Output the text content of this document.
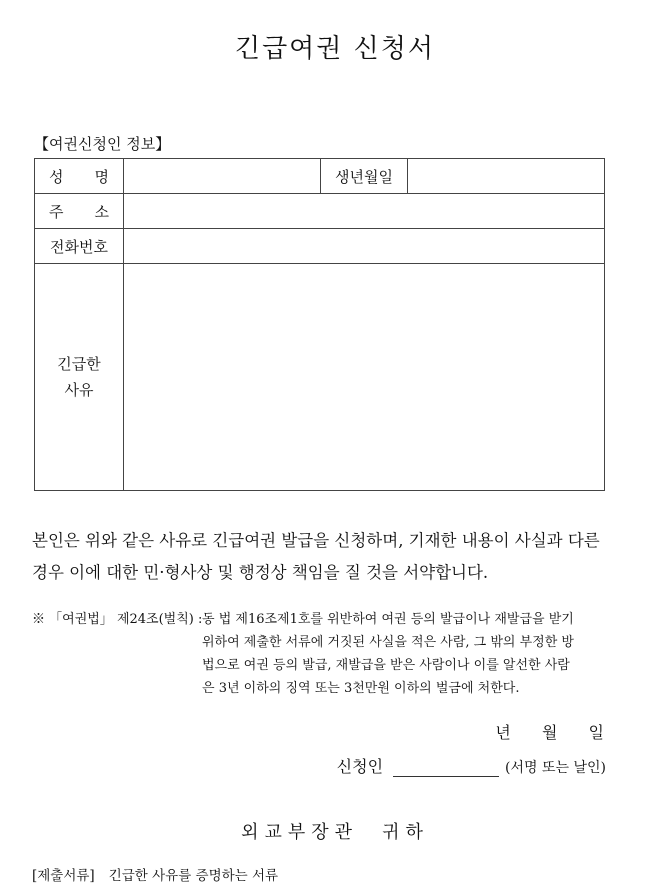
긴급여권 신청서
【여권신청인 정보】
성 명		생년월일	
주 소			
전화번호			

긴급한
사유			

본인은 위와 같은 사유로 긴급여권 발급을 신청하며, 기재한 내용이 사실과 다른 경우 이에 대한 민·형사상 및 행정상 책임을 질 것을 서약합니다.
※ 「여권법」 제24조(벌칙) : 동 법 제16조제1호를 위반하여 여권 등의 발급이나 재발급을 받기
위하여 제출한 서류에 거짓된 사실을 적은 사람, 그 밖의 부정한 방
법으로 여권 등의 발급, 재발급을 받은 사람이나 이를 알선한 사람
은 3년 이하의 징역 또는 3천만원 이하의 벌금에 처한다.
년 월 일
신청인	(서명 또는 날인)
외교부장관 귀하
[제출서류] 긴급한 사유를 증명하는 서류
